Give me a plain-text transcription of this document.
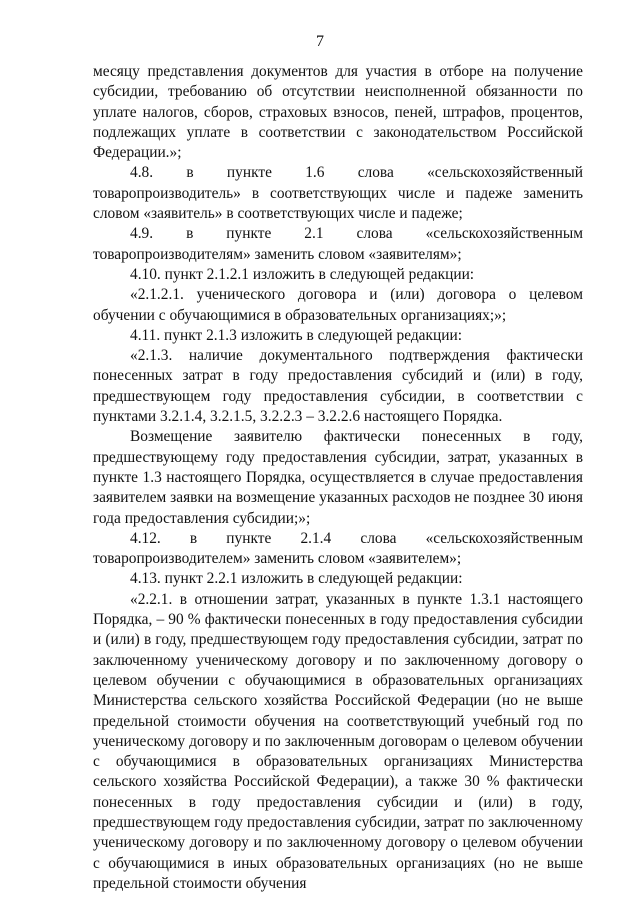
7

месяцу представления документов для участия в отборе на получение субсидии, требованию об отсутствии неисполненной обязанности по уплате налогов, сборов, страховых взносов, пеней, штрафов, процентов, подлежащих уплате в соответствии с законодательством Российской Федерации.»;

4.8. в пункте 1.6 слова «сельскохозяйственный товаропроизводитель» в соответствующих числе и падеже заменить словом «заявитель» в соответствующих числе и падеже;

4.9. в пункте 2.1 слова «сельскохозяйственным товаропроизводителям» заменить словом «заявителям»;

4.10. пункт 2.1.2.1 изложить в следующей редакции:

«2.1.2.1. ученического договора и (или) договора о целевом обучении с обучающимися в образовательных организациях;»;

4.11. пункт 2.1.3 изложить в следующей редакции:

«2.1.3. наличие документального подтверждения фактически понесенных затрат в году предоставления субсидий и (или) в году, предшествующем году предоставления субсидии, в соответствии с пунктами 3.2.1.4, 3.2.1.5, 3.2.2.3 – 3.2.2.6 настоящего Порядка.

Возмещение заявителю фактически понесенных в году, предшествующему году предоставления субсидии, затрат, указанных в пункте 1.3 настоящего Порядка, осуществляется в случае предоставления заявителем заявки на возмещение указанных расходов не позднее 30 июня года предоставления субсидии;»;

4.12. в пункте 2.1.4 слова «сельскохозяйственным товаропроизводителем» заменить словом «заявителем»;

4.13. пункт 2.2.1 изложить в следующей редакции:

«2.2.1. в отношении затрат, указанных в пункте 1.3.1 настоящего Порядка, – 90 % фактически понесенных в году предоставления субсидии и (или) в году, предшествующем году предоставления субсидии, затрат по заключенному ученическому договору и по заключенному договору о целевом обучении с обучающимися в образовательных организациях Министерства сельского хозяйства Российской Федерации (но не выше предельной стоимости обучения на соответствующий учебный год по ученическому договору и по заключенным договорам о целевом обучении с обучающимися в образовательных организациях Министерства сельского хозяйства Российской Федерации), а также 30 % фактически понесенных в году предоставления субсидии и (или) в году, предшествующем году предоставления субсидии, затрат по заключенному ученическому договору и по заключенному договору о целевом обучении с обучающимися в иных образовательных организациях (но не выше предельной стоимости обучения
